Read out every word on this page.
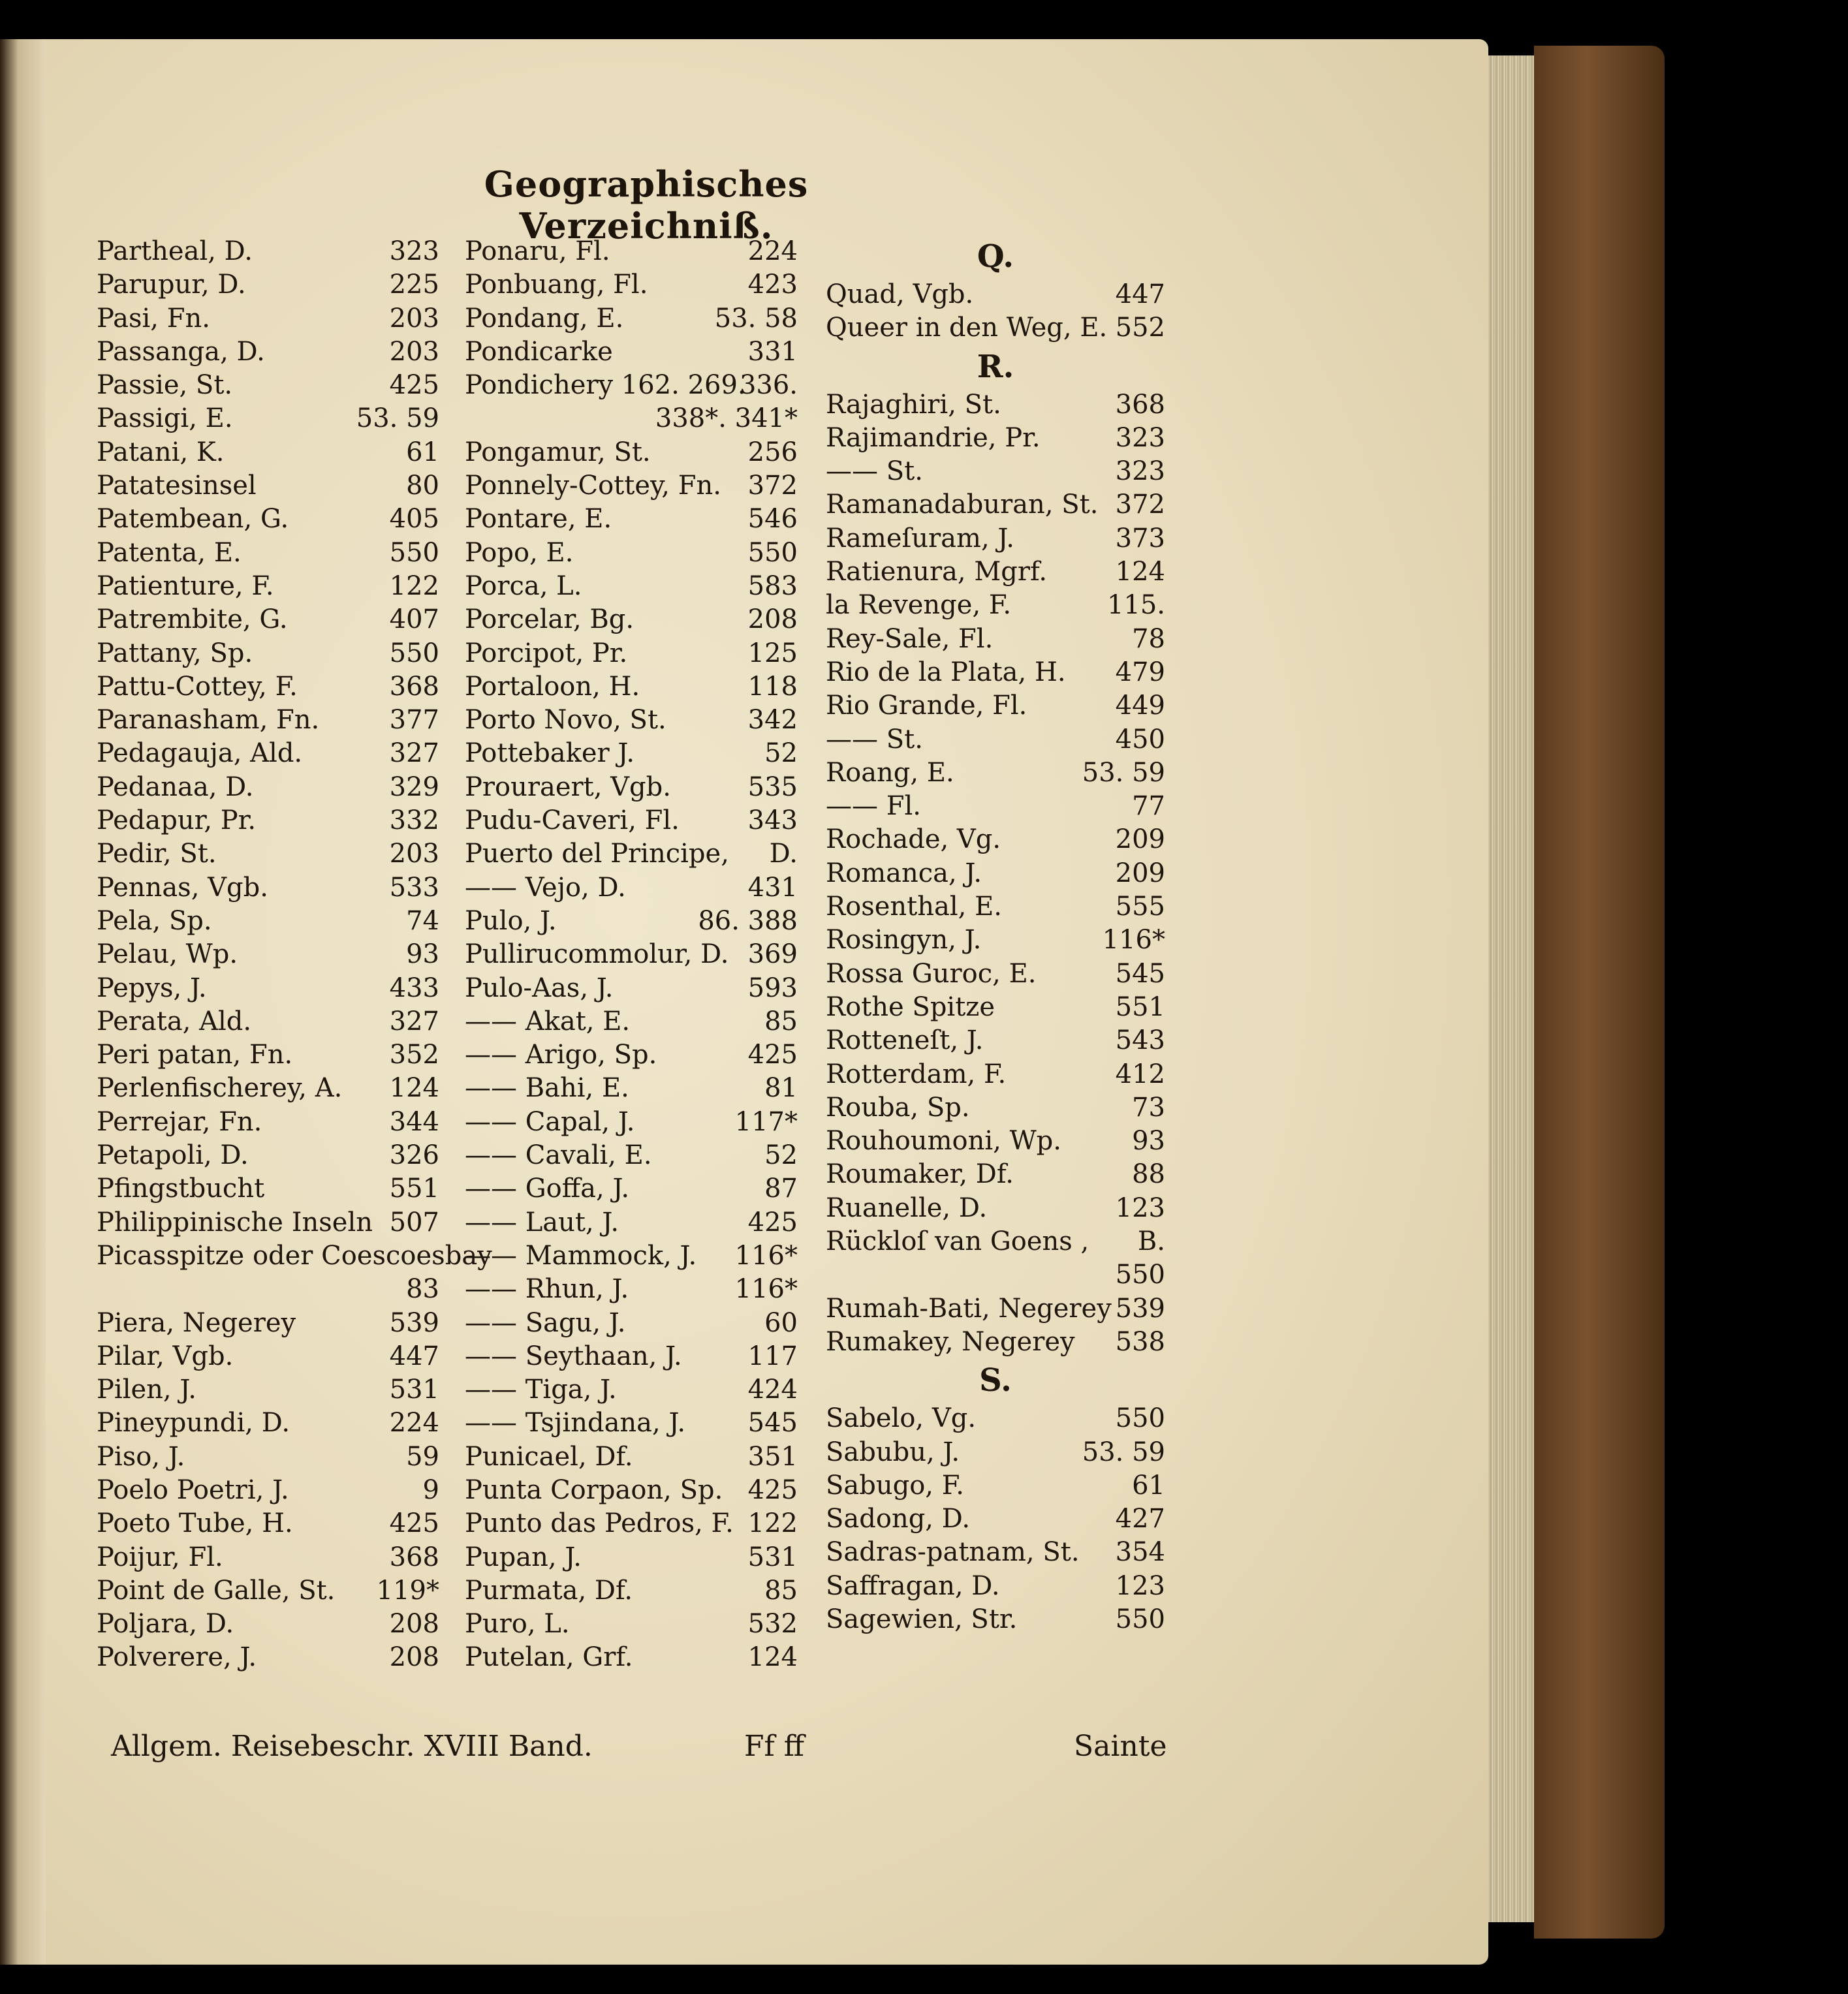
Geographisches Verzeichniß.
Partheal, D.	323
Parupur, D.	225
Pasi, Fn.	203
Passanga, D.	203
Passie, St.	425
Passigi, E.	53. 59
Patani, K.	61
Patatesinsel	80
Patembean, G.	405
Patenta, E.	550
Patienture, F.	122
Patrembite, G.	407
Pattany, Sp.	550
Pattu-Cottey, F.	368
Paranasham, Fn.	377
Pedagauja, Ald.	327
Pedanaa, D.	329
Pedapur, Pr.	332
Pedir, St.	203
Pennas, Vgb.	533
Pela, Sp.	74
Pelau, Wp.	93
Pepys, J.	433
Perata, Ald.	327
Peri patan, Fn.	352
Perlenfischerey, A. 124
Perrejar, Fn.	344
Petapoli, D.	326
Pfingstbucht	551
Philippinische Inseln 507
Picasspitze oder Coescoesbay
83
Piera, Negerey	539
Pilar, Vgb.	447
Pilen, J.	531
Pineypundi, D.	224
Piso, J.	59
Poelo Poetri, J.	9
Poeto Tube, H.	425
Poijur, Fl.	368
Point de Galle, St. 119*
Poljara, D.	208
Polverere, J.	208
Ponaru, Fl.	224
Ponbuang, Fl.	423
Pondang, E.	53. 58
Pondicarke	331
Pondichery 162. 269.
336.
338*. 341*
Pongamur, St.	256
Ponnely-Cottey, Fn. 372
Pontare, E.	546
Popo, E.	550
Porca, L.	583
Porcelar, Bg.	208
Porcipot, Pr.	125
Portaloon, H.	118
Porto Novo, St.	342
Pottebaker J.	52
Prouraert, Vgb.	535
Pudu-Caveri, Fl.	343
Puerto del Principe, D.
—— Vejo, D.	431
Pulo, J.	86. 388
Pullirucommolur, D. 369
Pulo-Aas, J.	593
—— Akat, E.	85
—— Arigo, Sp.	425
—— Bahi, E.	81
—— Capal, J.	117*
—— Cavali, E.	52
—— Goffa, J.	87
—— Laut, J.	425
—— Mammock, J. 116*
—— Rhun, J.	116*
—— Sagu, J.	60
—— Seythaan, J.	117
—— Tiga, J.	424
—— Tsjindana, J. 545
Punicael, Df.	351
Punta Corpaon, Sp. 425
Punto das Pedros, F. 122
Pupan, J.	531
Purmata, Df.	85
Puro, L.	532
Putelan, Grf.	124
Q.
Quad, Vgb.	447
Queer in den Weg, E. 552
R.
Rajaghiri, St.	368
Rajimandrie, Pr.	323
—— St.	323
Ramanadaburan, St. 372
Rameſuram, J.	373
Ratienura, Mgrf.	124
la Revenge, F.	115.
Rey-Sale, Fl.	78
Rio de la Plata, H. 479
Rio Grande, Fl.	449
—— St.	450
Roang, E.	53. 59
—— Fl.	77
Rochade, Vg.	209
Romanca, J.	209
Rosenthal, E.	555
Rosingyn, J.	116*
Rossa Guroc, E.	545
Rothe Spitze	551
Rotteneſt, J.	543
Rotterdam, F.	412
Rouba, Sp.	73
Rouhoumoni, Wp.	93
Roumaker, Df.	88
Ruanelle, D.	123
Rückloſ van Goens , B.
550
Rumah-Bati, Negerey 539
Rumakey, Negerey 538
S.
Sabelo, Vg.	550
Sabubu, J.	53. 59
Sabugo, F.	61
Sadong, D.	427
Sadras-patnam, St. 354
Saffragan, D.	123
Sagewien, Str.	550
Allgem. Reisebeschr. XVIII Band.	Ff ff	Sainte
